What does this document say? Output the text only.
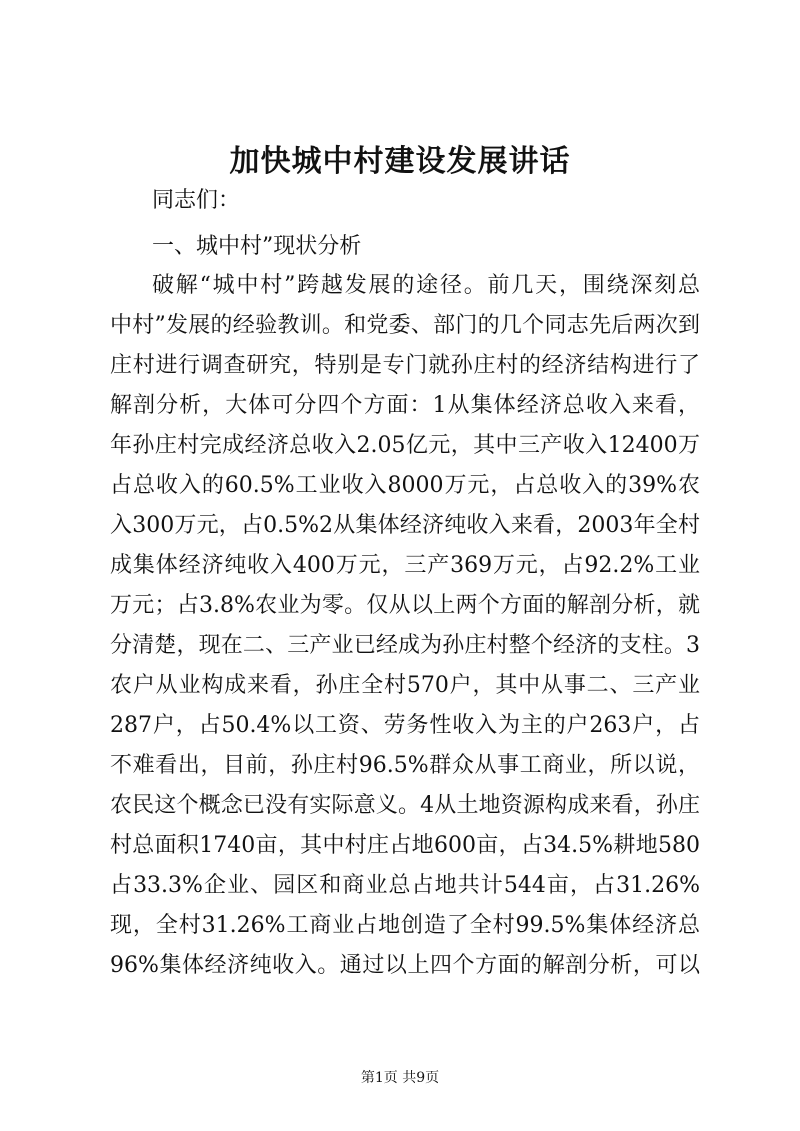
加快城中村建设发展讲话

同志们：

一、城中村”现状分析

破解“城中村”跨越发展的途径。前几天，围绕深刻总

中村”发展的经验教训。和党委、部门的几个同志先后两次到

庄村进行调查研究，特别是专门就孙庄村的经济结构进行了

解剖分析，大体可分四个方面：1从集体经济总收入来看，

年孙庄村完成经济总收入2.05亿元，其中三产收入12400万

占总收入的60.5%工业收入8000万元，占总收入的39%农

入300万元，占0.5%2从集体经济纯收入来看，2003年全村

成集体经济纯收入400万元，三产369万元，占92.2%工业

万元；占3.8%农业为零。仅从以上两个方面的解剖分析，就

分清楚，现在二、三产业已经成为孙庄村整个经济的支柱。3

农户从业构成来看，孙庄全村570户，其中从事二、三产业

287户，占50.4%以工资、劳务性收入为主的户263户，占

不难看出，目前，孙庄村96.5%群众从事工商业，所以说，

农民这个概念已没有实际意义。4从土地资源构成来看，孙庄

村总面积1740亩，其中村庄占地600亩，占34.5%耕地580

占33.3%企业、园区和商业总占地共计544亩，占31.26%

现，全村31.26%工商业占地创造了全村99.5%集体经济总

96%集体经济纯收入。通过以上四个方面的解剖分析，可以

第1页 共9页
